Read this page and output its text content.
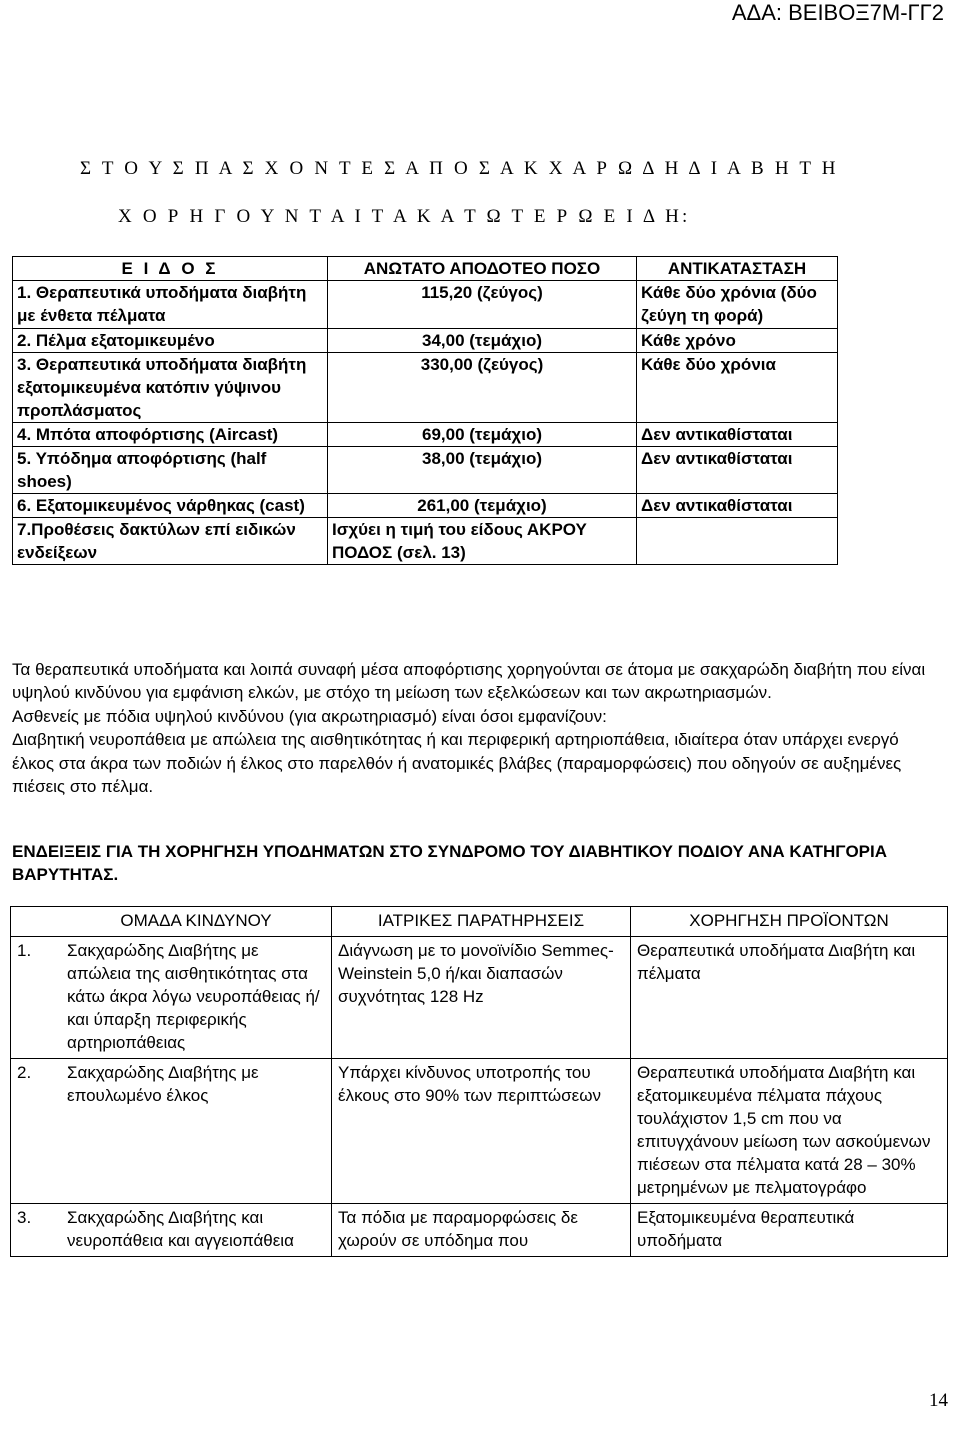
ΑΔΑ: ΒΕΙΒΟΞ7Μ-ΓΓ2
Σ Τ Ο Υ Σ Π Α Σ Χ Ο Ν Τ Ε Σ Α Π Ο Σ Α Κ Χ Α Ρ Ω Δ Η Δ Ι Α Β Η Τ Η
Χ Ο Ρ Η Γ Ο Υ Ν Τ Α Ι Τ Α Κ Α Τ Ω Τ Ε Ρ Ω Ε Ι Δ Η:
Ε Ι Δ Ο Σ	ΑΝΩΤΑΤΟ ΑΠΟΔΟΤΕΟ ΠΟΣΟ	ΑΝΤΙΚΑΤΑΣΤΑΣΗ
1. Θεραπευτικά υποδήματα διαβήτη με ένθετα πέλματα	115,20 (ζεύγος)	Κάθε δύο χρόνια (δύο ζεύγη τη φορά)
2. Πέλμα εξατομικευμένο	34,00 (τεμάχιο)	Κάθε χρόνο
3. Θεραπευτικά υποδήματα διαβήτη εξατομικευμένα κατόπιν γύψινου προπλάσματος	330,00 (ζεύγος)	Κάθε δύο χρόνια
4. Μπότα αποφόρτισης (Aircast)	69,00 (τεμάχιο)	Δεν αντικαθίσταται
5. Υπόδημα αποφόρτισης (half shoes)	38,00 (τεμάχιο)	Δεν αντικαθίσταται
6. Εξατομικευμένος νάρθηκας (cast)	261,00 (τεμάχιο)	Δεν αντικαθίσταται
7.Προθέσεις δακτύλων επί ειδικών ενδείξεων	Ισχύει η τιμή του είδους ΑΚΡΟΥ ΠΟΔΟΣ (σελ. 13)	
Τα θεραπευτικά υποδήματα και λοιπά συναφή μέσα αποφόρτισης χορηγούνται σε άτομα με σακχαρώδη διαβήτη που είναι υψηλού κινδύνου για εμφάνιση ελκών, με στόχο τη μείωση των εξελκώσεων και των ακρωτηριασμών.
Ασθενείς με πόδια υψηλού κινδύνου (για ακρωτηριασμό) είναι όσοι εμφανίζουν:
Διαβητική νευροπάθεια με απώλεια της αισθητικότητας ή και περιφερική αρτηριοπάθεια, ιδιαίτερα όταν υπάρχει ενεργό έλκος στα άκρα των ποδιών ή έλκος στο παρελθόν ή ανατομικές βλάβες (παραμορφώσεις) που οδηγούν σε αυξημένες πιέσεις στο πέλμα.
ΕΝΔΕΙΞΕΙΣ ΓΙΑ ΤΗ ΧΟΡΗΓΗΣΗ ΥΠΟΔΗΜΑΤΩΝ ΣΤΟ ΣΥΝΔΡΟΜΟ ΤΟΥ ΔΙΑΒΗΤΙΚΟΥ ΠΟΔΙΟΥ ΑΝΑ ΚΑΤΗΓΟΡΙΑ ΒΑΡΥΤΗΤΑΣ.
	ΟΜΑΔΑ ΚΙΝΔΥΝΟΥ	ΙΑΤΡΙΚΕΣ ΠΑΡΑΤΗΡΗΣΕΙΣ	ΧΟΡΗΓΗΣΗ ΠΡΟΪΟΝΤΩΝ
1.	Σακχαρώδης Διαβήτης με απώλεια της αισθητικότητας στα κάτω άκρα λόγω νευροπάθειας ή/και ύπαρξη περιφερικής αρτηριοπάθειας	Διάγνωση με το μονοϊνίδιο Semmeς-Weinstein 5,0 ή/και διαπασών συχνότητας 128 Hz	Θεραπευτικά υποδήματα Διαβήτη και πέλματα
2.	Σακχαρώδης Διαβήτης με επουλωμένο έλκος	Υπάρχει κίνδυνος υποτροπής του έλκους στο 90% των περιπτώσεων	Θεραπευτικά υποδήματα Διαβήτη και εξατομικευμένα πέλματα πάχους τουλάχιστον 1,5 cm που να επιτυγχάνουν μείωση των ασκούμενων πιέσεων στα πέλματα κατά 28 – 30% μετρημένων με πελματογράφο
3.	Σακχαρώδης Διαβήτης και νευροπάθεια και αγγειοπάθεια	Τα πόδια με παραμορφώσεις δε χωρούν σε υπόδημα που	Εξατομικευμένα θεραπευτικά υποδήματα
14
